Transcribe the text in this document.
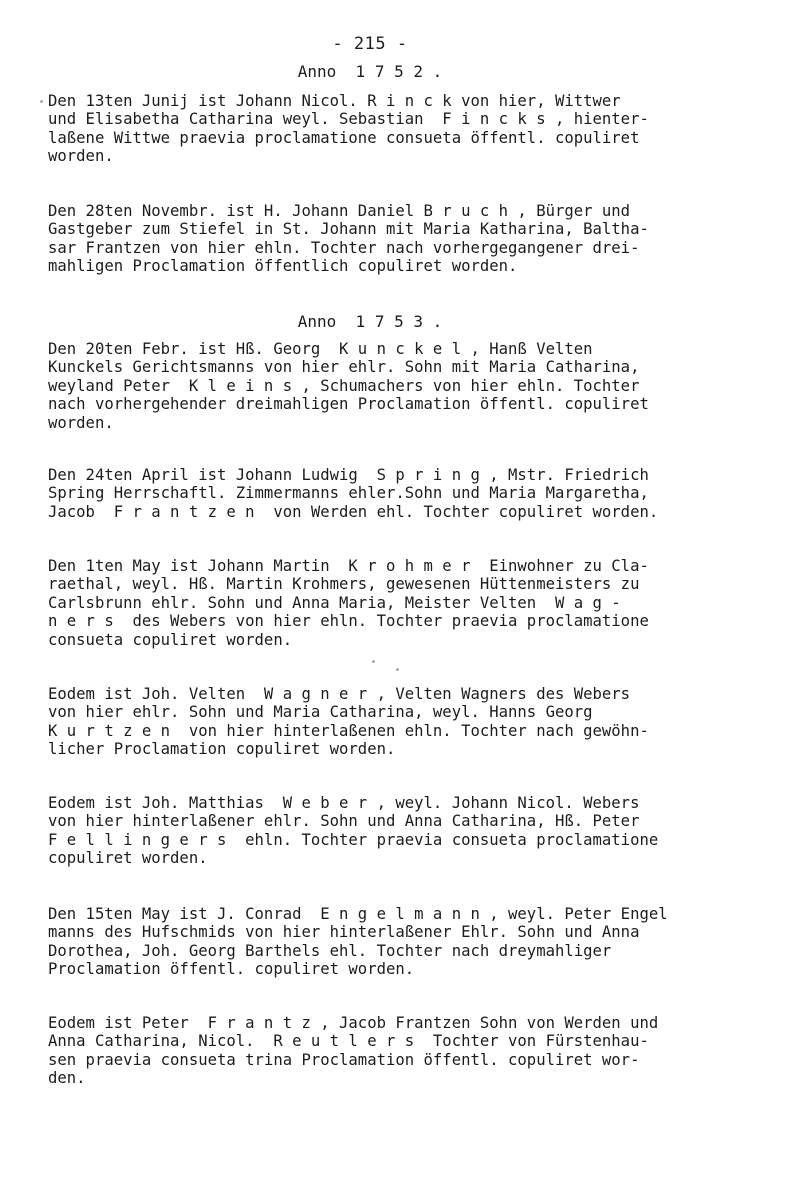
- 215 -
Anno  1 7 5 2 .
Den 13ten Junij ist Johann Nicol. R i n c k von hier, Wittwer
und Elisabetha Catharina weyl. Sebastian  F i n c k s , hienter-
laßene Wittwe praevia proclamatione consueta öffentl. copuliret
worden.
Den 28ten Novembr. ist H. Johann Daniel B r u c h , Bürger und
Gastgeber zum Stiefel in St. Johann mit Maria Katharina, Baltha-
sar Frantzen von hier ehln. Tochter nach vorhergegangener drei-
mahligen Proclamation öffentlich copuliret worden.
Anno  1 7 5 3 .
Den 20ten Febr. ist Hß. Georg  K u n c k e l , Hanß Velten
Kunckels Gerichtsmanns von hier ehlr. Sohn mit Maria Catharina,
weyland Peter  K l e i n s , Schumachers von hier ehln. Tochter
nach vorhergehender dreimahligen Proclamation öffentl. copuliret
worden.
Den 24ten April ist Johann Ludwig  S p r i n g , Mstr. Friedrich
Spring Herrschaftl. Zimmermanns ehler.Sohn und Maria Margaretha,
Jacob  F r a n t z e n  von Werden ehl. Tochter copuliret worden.
Den 1ten May ist Johann Martin  K r o h m e r  Einwohner zu Cla-
raethal, weyl. Hß. Martin Krohmers, gewesenen Hüttenmeisters zu
Carlsbrunn ehlr. Sohn und Anna Maria, Meister Velten  W a g -
n e r s  des Webers von hier ehln. Tochter praevia proclamatione
consueta copuliret worden.
Eodem ist Joh. Velten  W a g n e r , Velten Wagners des Webers
von hier ehlr. Sohn und Maria Catharina, weyl. Hanns Georg
K u r t z e n  von hier hinterlaßenen ehln. Tochter nach gewöhn-
licher Proclamation copuliret worden.
Eodem ist Joh. Matthias  W e b e r , weyl. Johann Nicol. Webers
von hier hinterlaßener ehlr. Sohn und Anna Catharina, Hß. Peter
F e l l i n g e r s  ehln. Tochter praevia consueta proclamatione
copuliret worden.
Den 15ten May ist J. Conrad  E n g e l m a n n , weyl. Peter Engel
manns des Hufschmids von hier hinterlaßener Ehlr. Sohn und Anna
Dorothea, Joh. Georg Barthels ehl. Tochter nach dreymahliger
Proclamation öffentl. copuliret worden.
Eodem ist Peter  F r a n t z , Jacob Frantzen Sohn von Werden und
Anna Catharina, Nicol.  R e u t l e r s  Tochter von Fürstenhau-
sen praevia consueta trina Proclamation öffentl. copuliret wor-
den.
